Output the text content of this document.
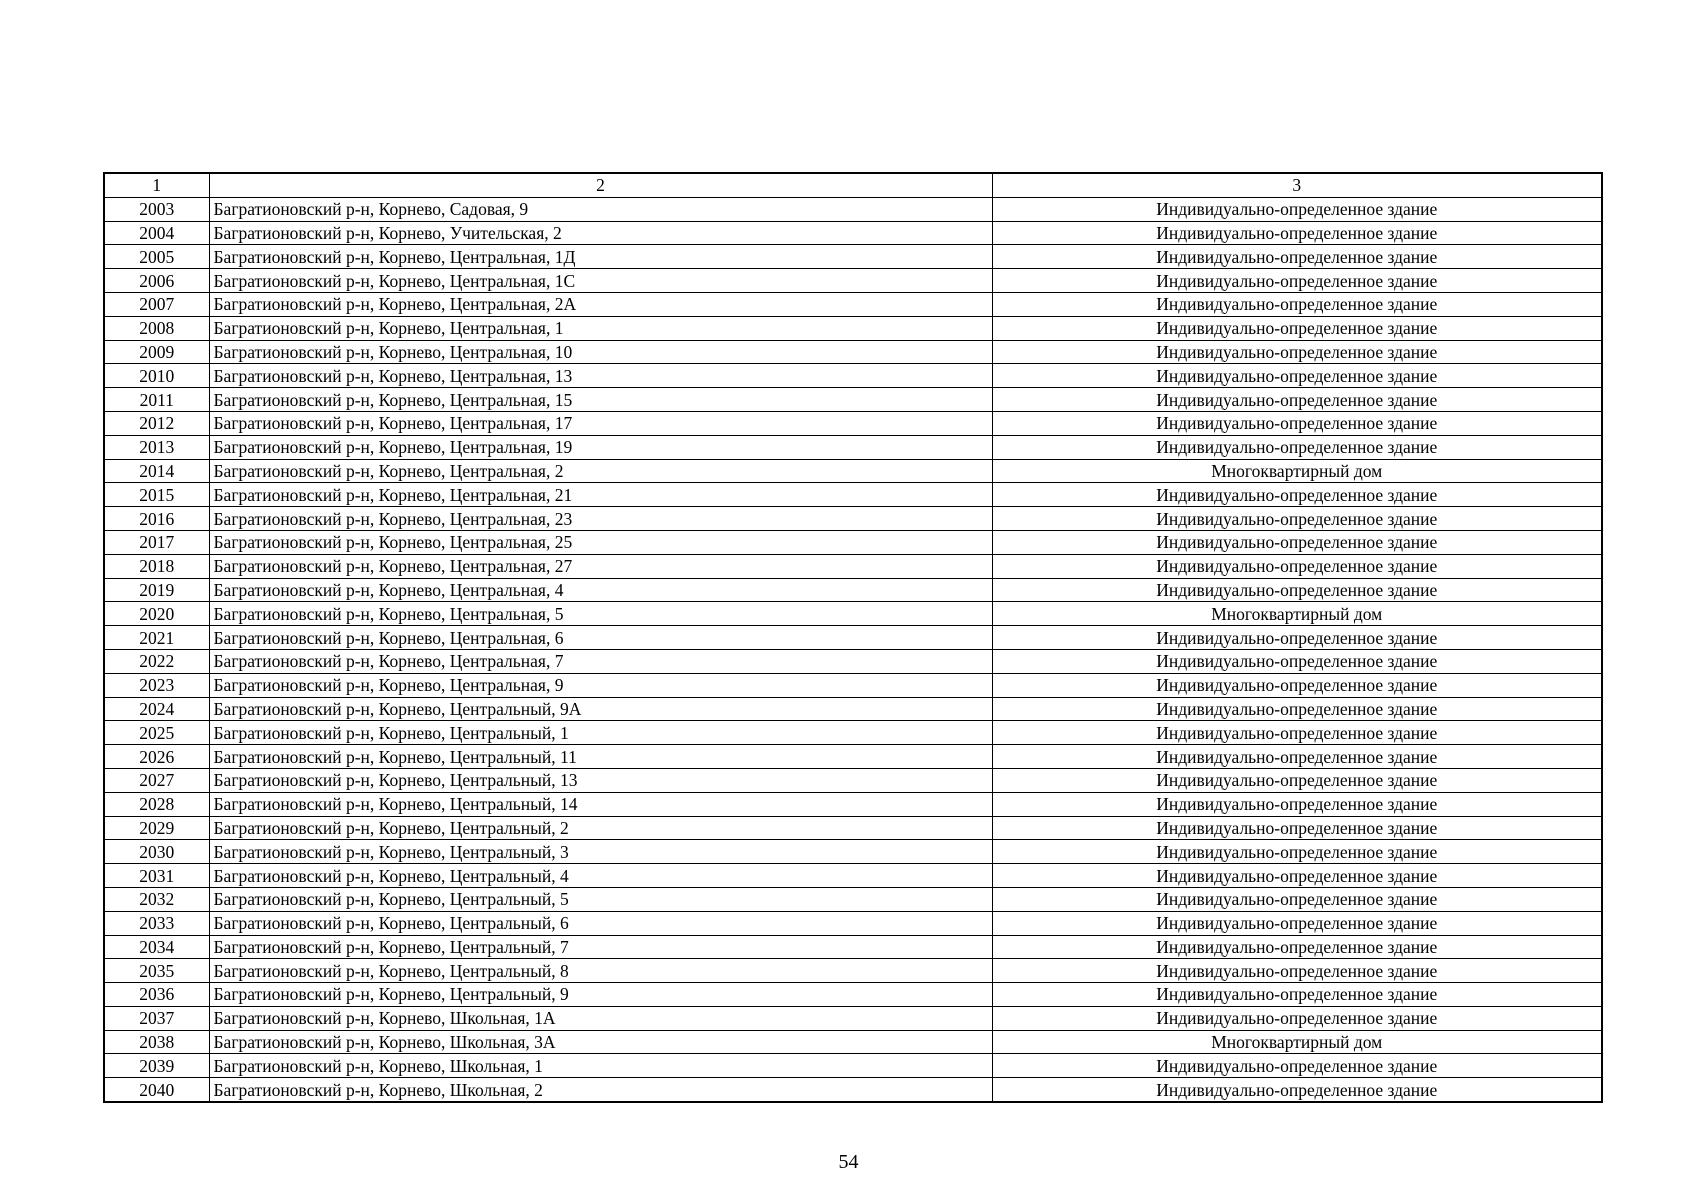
1	2	3
2003	Багратионовский р-н, Корнево, Садовая, 9	Индивидуально-определенное здание
2004	Багратионовский р-н, Корнево, Учительская, 2	Индивидуально-определенное здание
2005	Багратионовский р-н, Корнево, Центральная, 1Д	Индивидуально-определенное здание
2006	Багратионовский р-н, Корнево, Центральная, 1С	Индивидуально-определенное здание
2007	Багратионовский р-н, Корнево, Центральная, 2А	Индивидуально-определенное здание
2008	Багратионовский р-н, Корнево, Центральная, 1	Индивидуально-определенное здание
2009	Багратионовский р-н, Корнево, Центральная, 10	Индивидуально-определенное здание
2010	Багратионовский р-н, Корнево, Центральная, 13	Индивидуально-определенное здание
2011	Багратионовский р-н, Корнево, Центральная, 15	Индивидуально-определенное здание
2012	Багратионовский р-н, Корнево, Центральная, 17	Индивидуально-определенное здание
2013	Багратионовский р-н, Корнево, Центральная, 19	Индивидуально-определенное здание
2014	Багратионовский р-н, Корнево, Центральная, 2	Многоквартирный дом
2015	Багратионовский р-н, Корнево, Центральная, 21	Индивидуально-определенное здание
2016	Багратионовский р-н, Корнево, Центральная, 23	Индивидуально-определенное здание
2017	Багратионовский р-н, Корнево, Центральная, 25	Индивидуально-определенное здание
2018	Багратионовский р-н, Корнево, Центральная, 27	Индивидуально-определенное здание
2019	Багратионовский р-н, Корнево, Центральная, 4	Индивидуально-определенное здание
2020	Багратионовский р-н, Корнево, Центральная, 5	Многоквартирный дом
2021	Багратионовский р-н, Корнево, Центральная, 6	Индивидуально-определенное здание
2022	Багратионовский р-н, Корнево, Центральная, 7	Индивидуально-определенное здание
2023	Багратионовский р-н, Корнево, Центральная, 9	Индивидуально-определенное здание
2024	Багратионовский р-н, Корнево, Центральный, 9А	Индивидуально-определенное здание
2025	Багратионовский р-н, Корнево, Центральный, 1	Индивидуально-определенное здание
2026	Багратионовский р-н, Корнево, Центральный, 11	Индивидуально-определенное здание
2027	Багратионовский р-н, Корнево, Центральный, 13	Индивидуально-определенное здание
2028	Багратионовский р-н, Корнево, Центральный, 14	Индивидуально-определенное здание
2029	Багратионовский р-н, Корнево, Центральный, 2	Индивидуально-определенное здание
2030	Багратионовский р-н, Корнево, Центральный, 3	Индивидуально-определенное здание
2031	Багратионовский р-н, Корнево, Центральный, 4	Индивидуально-определенное здание
2032	Багратионовский р-н, Корнево, Центральный, 5	Индивидуально-определенное здание
2033	Багратионовский р-н, Корнево, Центральный, 6	Индивидуально-определенное здание
2034	Багратионовский р-н, Корнево, Центральный, 7	Индивидуально-определенное здание
2035	Багратионовский р-н, Корнево, Центральный, 8	Индивидуально-определенное здание
2036	Багратионовский р-н, Корнево, Центральный, 9	Индивидуально-определенное здание
2037	Багратионовский р-н, Корнево, Школьная, 1А	Индивидуально-определенное здание
2038	Багратионовский р-н, Корнево, Школьная, 3А	Многоквартирный дом
2039	Багратионовский р-н, Корнево, Школьная, 1	Индивидуально-определенное здание
2040	Багратионовский р-н, Корнево, Школьная, 2	Индивидуально-определенное здание
54
